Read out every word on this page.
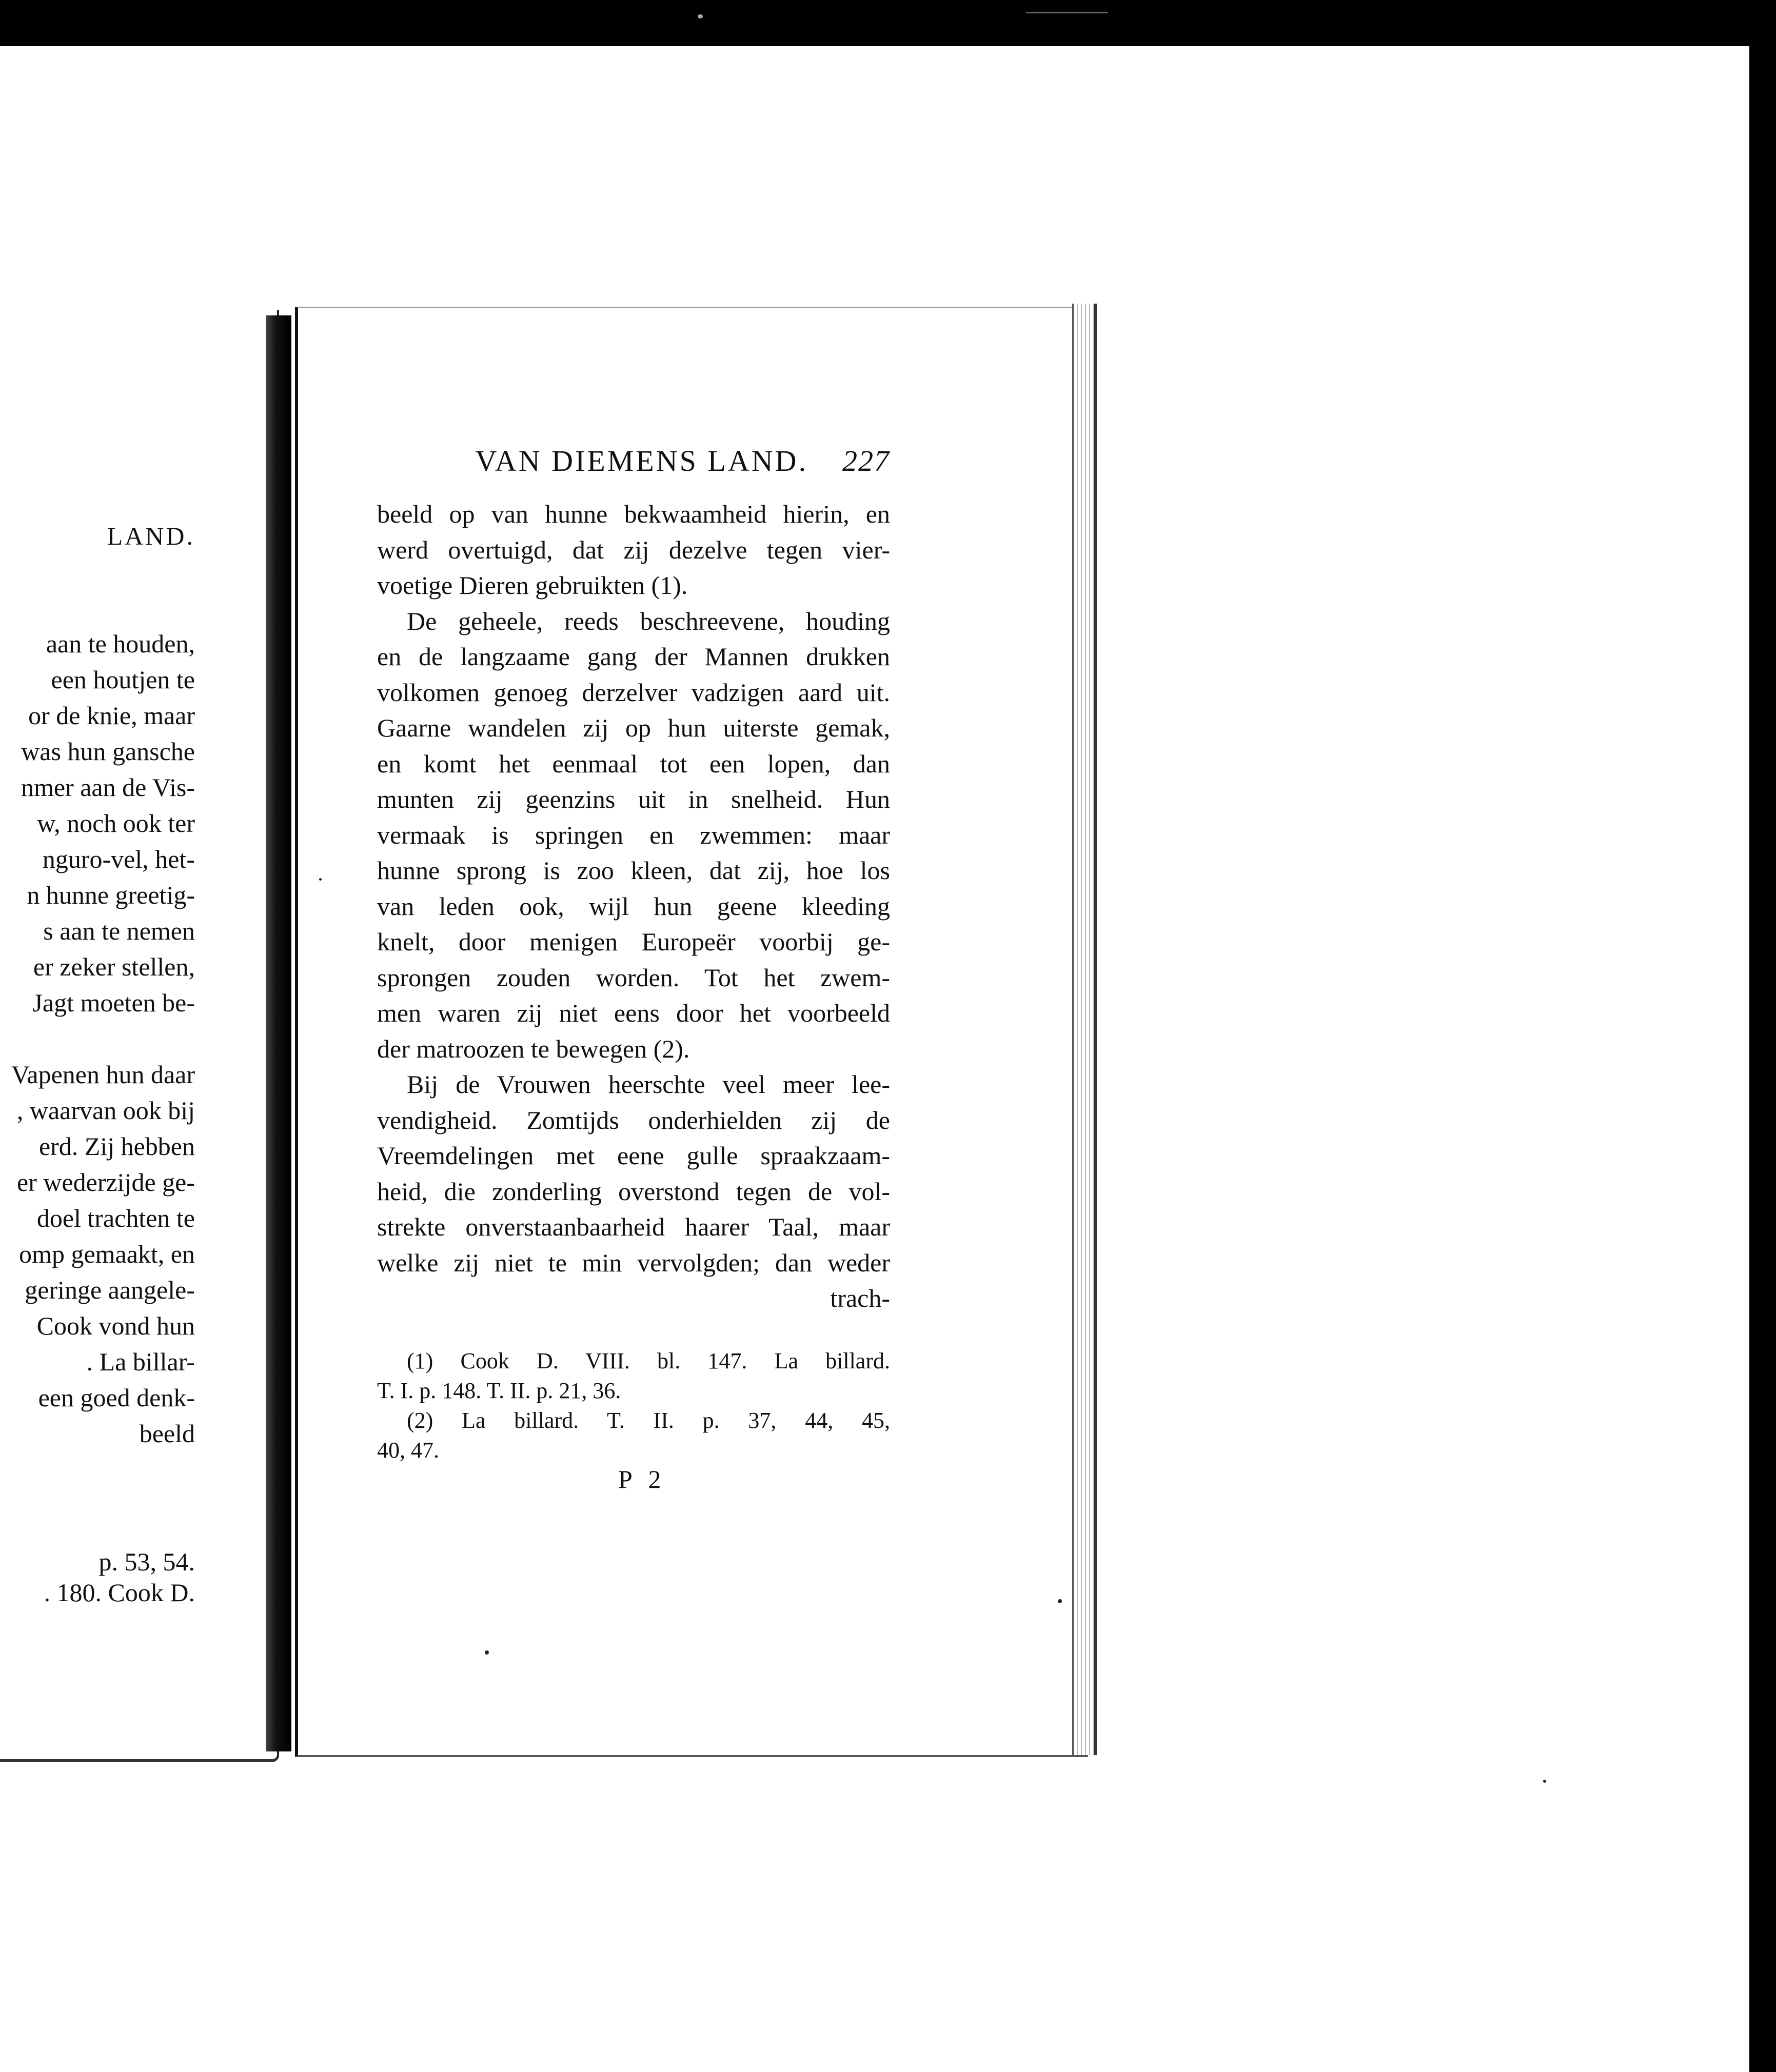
LAND.

aan te houden,
een houtjen te
or de knie, maar
was hun gansche
nmer aan de Vis-
w, noch ook ter
nguro-vel, het-
n hunne greetig-
s aan te nemen
er zeker stellen,
Jagt moeten be-
Vapenen hun daar
, waarvan ook bij
erd. Zij hebben
er wederzijde ge-
doel trachten te
omp gemaakt, en
geringe aangele-
Cook vond hun
. La billar-
een goed denk-
beeld

p. 53, 54.
. 180. Cook D.

VAN DIEMENS LAND. 227
beeld op van hunne bekwaamheid hierin, en
werd overtuigd, dat zij dezelve tegen vier-
voetige Dieren gebruikten (1).
De geheele, reeds beschreevene, houding
en de langzaame gang der Mannen drukken
volkomen genoeg derzelver vadzigen aard uit.
Gaarne wandelen zij op hun uiterste gemak,
en komt het eenmaal tot een lopen, dan
munten zij geenzins uit in snelheid. Hun
vermaak is springen en zwemmen: maar
hunne sprong is zoo kleen, dat zij, hoe los
van leden ook, wijl hun geene kleeding
knelt, door menigen Europeër voorbij ge-
sprongen zouden worden. Tot het zwem-
men waren zij niet eens door het voorbeeld
der matroozen te bewegen (2).
Bij de Vrouwen heerschte veel meer lee-
vendigheid. Zomtijds onderhielden zij de
Vreemdelingen met eene gulle spraakzaam-
heid, die zonderling overstond tegen de vol-
strekte onverstaanbaarheid haarer Taal, maar
welke zij niet te min vervolgden; dan weder
trach-
(1) Cook D. VIII. bl. 147. La billard.
T. I. p. 148. T. II. p. 21, 36.
(2) La billard. T. II. p. 37, 44, 45,
40, 47.
P 2
